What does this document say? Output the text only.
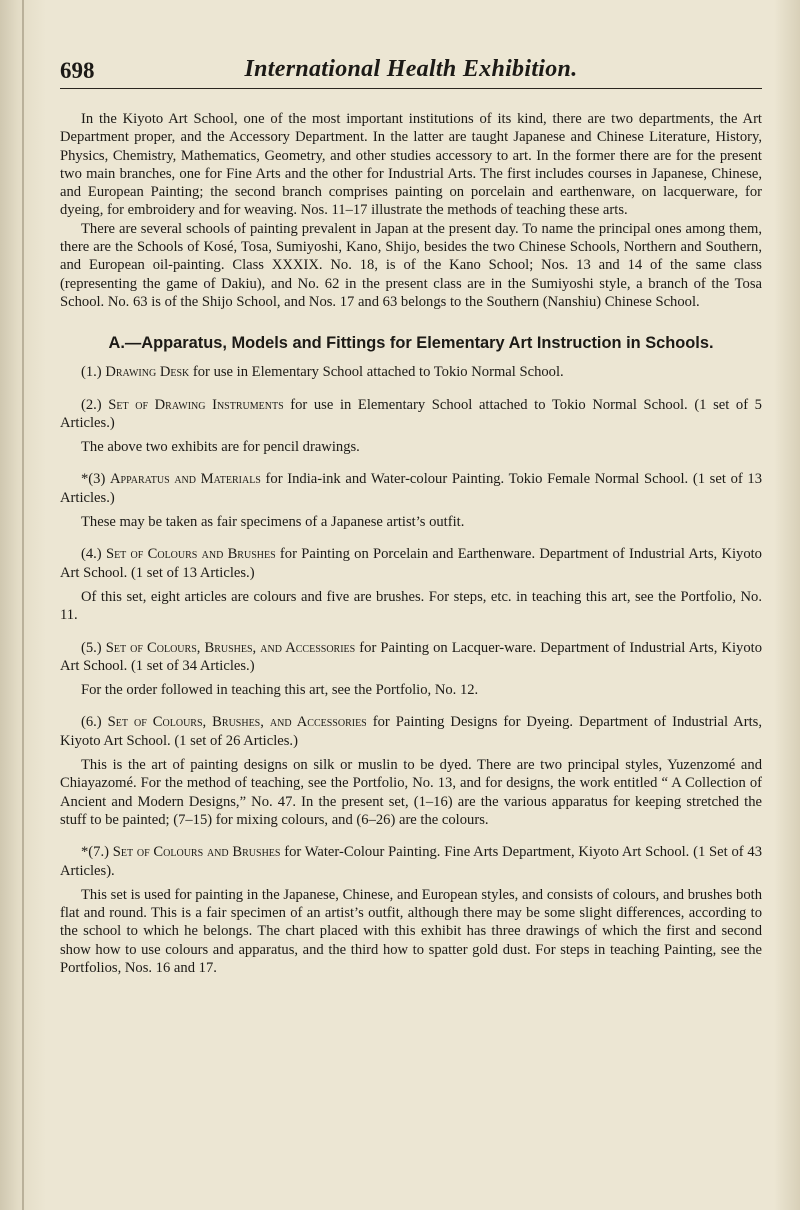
698	International Health Exhibition.

In the Kiyoto Art School, one of the most important institutions of its kind, there are two departments, the Art Department proper, and the Accessory Department. In the latter are taught Japanese and Chinese Literature, History, Physics, Chemistry, Mathematics, Geometry, and other studies accessory to art. In the former there are for the present two main branches, one for Fine Arts and the other for Industrial Arts. The first includes courses in Japanese, Chinese, and European Painting; the second branch comprises painting on porcelain and earthenware, on lacquerware, for dyeing, for embroidery and for weaving. Nos. 11–17 illustrate the methods of teaching these arts.

There are several schools of painting prevalent in Japan at the present day. To name the principal ones among them, there are the Schools of Kosé, Tosa, Sumiyoshi, Kano, Shijo, besides the two Chinese Schools, Northern and Southern, and European oil-painting. Class XXXIX. No. 18, is of the Kano School; Nos. 13 and 14 of the same class (representing the game of Dakiu), and No. 62 in the present class are in the Sumiyoshi style, a branch of the Tosa School. No. 63 is of the Shijo School, and Nos. 17 and 63 belongs to the Southern (Nanshiu) Chinese School.

A.—Apparatus, Models and Fittings for Elementary Art Instruction in Schools.

(1.) Drawing Desk for use in Elementary School attached to Tokio Normal School.

(2.) Set of Drawing Instruments for use in Elementary School attached to Tokio Normal School. (1 set of 5 Articles.)

The above two exhibits are for pencil drawings.

*(3) Apparatus and Materials for India-ink and Water-colour Painting. Tokio Female Normal School. (1 set of 13 Articles.)

These may be taken as fair specimens of a Japanese artist’s outfit.

(4.) Set of Colours and Brushes for Painting on Porcelain and Earthenware. Department of Industrial Arts, Kiyoto Art School. (1 set of 13 Articles.)

Of this set, eight articles are colours and five are brushes. For steps, etc. in teaching this art, see the Portfolio, No. 11.

(5.) Set of Colours, Brushes, and Accessories for Painting on Lacquer-ware. Department of Industrial Arts, Kiyoto Art School. (1 set of 34 Articles.)

For the order followed in teaching this art, see the Portfolio, No. 12.

(6.) Set of Colours, Brushes, and Accessories for Painting Designs for Dyeing. Department of Industrial Arts, Kiyoto Art School. (1 set of 26 Articles.)

This is the art of painting designs on silk or muslin to be dyed. There are two principal styles, Yuzenzomé and Chiayazomé. For the method of teaching, see the Portfolio, No. 13, and for designs, the work entitled “ A Collection of Ancient and Modern Designs,” No. 47. In the present set, (1–16) are the various apparatus for keeping stretched the stuff to be painted; (7–15) for mixing colours, and (6–26) are the colours.

*(7.) Set of Colours and Brushes for Water-Colour Painting. Fine Arts Department, Kiyoto Art School. (1 Set of 43 Articles).

This set is used for painting in the Japanese, Chinese, and European styles, and consists of colours, and brushes both flat and round. This is a fair specimen of an artist’s outfit, although there may be some slight differences, according to the school to which he belongs. The chart placed with this exhibit has three drawings of which the first and second show how to use colours and apparatus, and the third how to spatter gold dust. For steps in teaching Painting, see the Portfolios, Nos. 16 and 17.
